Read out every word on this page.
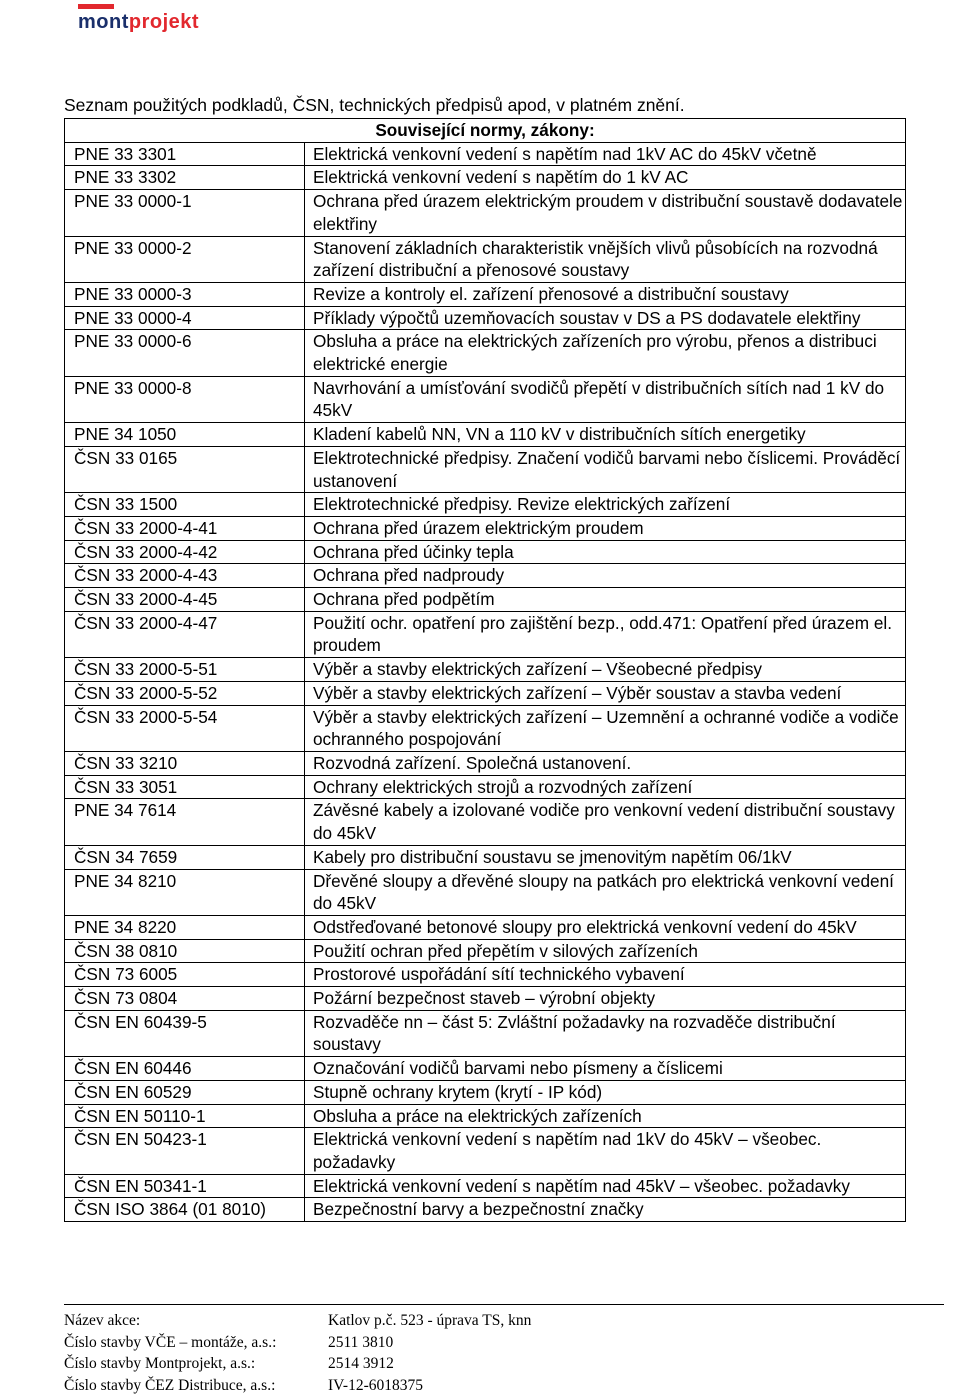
montprojekt
Seznam použitých podkladů, ČSN, technických předpisů apod, v platném znění.
Související normy, zákony:	
PNE 33 3301	Elektrická venkovní vedení s napětím nad 1kV AC do 45kV včetně
PNE 33 3302	Elektrická venkovní vedení s napětím do 1 kV AC
PNE 33 0000-1	Ochrana před úrazem elektrickým proudem v distribuční soustavě dodavatele elektřiny
PNE 33 0000-2	Stanovení základních charakteristik vnějších vlivů působících na rozvodná zařízení distribuční a přenosové soustavy
PNE 33 0000-3	Revize a kontroly el. zařízení přenosové a distribuční soustavy
PNE 33 0000-4	Příklady výpočtů uzemňovacích soustav v DS a PS dodavatele elektřiny
PNE 33 0000-6	Obsluha a práce na elektrických zařízeních pro výrobu, přenos a distribuci elektrické energie
PNE 33 0000-8	Navrhování a umísťování svodičů přepětí v distribučních sítích nad 1 kV do 45kV
PNE 34 1050	Kladení kabelů NN, VN a 110 kV v distribučních sítích energetiky
ČSN 33 0165	Elektrotechnické předpisy. Značení vodičů barvami nebo číslicemi. Prováděcí ustanovení
ČSN 33 1500	Elektrotechnické předpisy. Revize elektrických zařízení
ČSN 33 2000-4-41	Ochrana před úrazem elektrickým proudem
ČSN 33 2000-4-42	Ochrana před účinky tepla
ČSN 33 2000-4-43	Ochrana před nadproudy
ČSN 33 2000-4-45	Ochrana před podpětím
ČSN 33 2000-4-47	Použití ochr. opatření pro zajištění bezp., odd.471: Opatření před úrazem el. proudem
ČSN 33 2000-5-51	Výběr a stavby elektrických zařízení – Všeobecné předpisy
ČSN 33 2000-5-52	Výběr a stavby elektrických zařízení – Výběr soustav a stavba vedení
ČSN 33 2000-5-54	Výběr a stavby elektrických zařízení – Uzemnění a ochranné vodiče a vodiče ochranného pospojování
ČSN 33 3210	Rozvodná zařízení. Společná ustanovení.
ČSN 33 3051	Ochrany elektrických strojů a rozvodných zařízení
PNE 34 7614	Závěsné kabely a izolované vodiče pro venkovní vedení distribuční soustavy do 45kV
ČSN 34 7659	Kabely pro distribuční soustavu se jmenovitým napětím 06/1kV
PNE 34 8210	Dřevěné sloupy a dřevěné sloupy na patkách pro elektrická venkovní vedení do 45kV
PNE 34 8220	Odstřeďované betonové sloupy pro elektrická venkovní vedení do 45kV
ČSN 38 0810	Použití ochran před přepětím v silových zařízeních
ČSN 73 6005	Prostorové uspořádání sítí technického vybavení
ČSN 73 0804	Požární bezpečnost staveb – výrobní objekty
ČSN EN 60439-5	Rozvaděče nn – část 5: Zvláštní požadavky na rozvaděče distribuční soustavy
ČSN EN 60446	Označování vodičů barvami nebo písmeny a číslicemi
ČSN EN 60529	Stupně ochrany krytem (krytí - IP kód)
ČSN EN 50110-1	Obsluha a práce na elektrických zařízeních
ČSN EN 50423-1	Elektrická venkovní vedení s napětím nad 1kV do 45kV – všeobec. požadavky
ČSN EN 50341-1	Elektrická venkovní vedení s napětím nad 45kV – všeobec. požadavky
ČSN ISO 3864 (01 8010)	Bezpečnostní barvy a bezpečnostní značky
Název akce:	Katlov p.č. 523 - úprava TS, knn
Číslo stavby VČE – montáže, a.s.:	2511 3810
Číslo stavby Montprojekt, a.s.:	2514 3912
Číslo stavby ČEZ Distribuce, a.s.:	IV-12-6018375
